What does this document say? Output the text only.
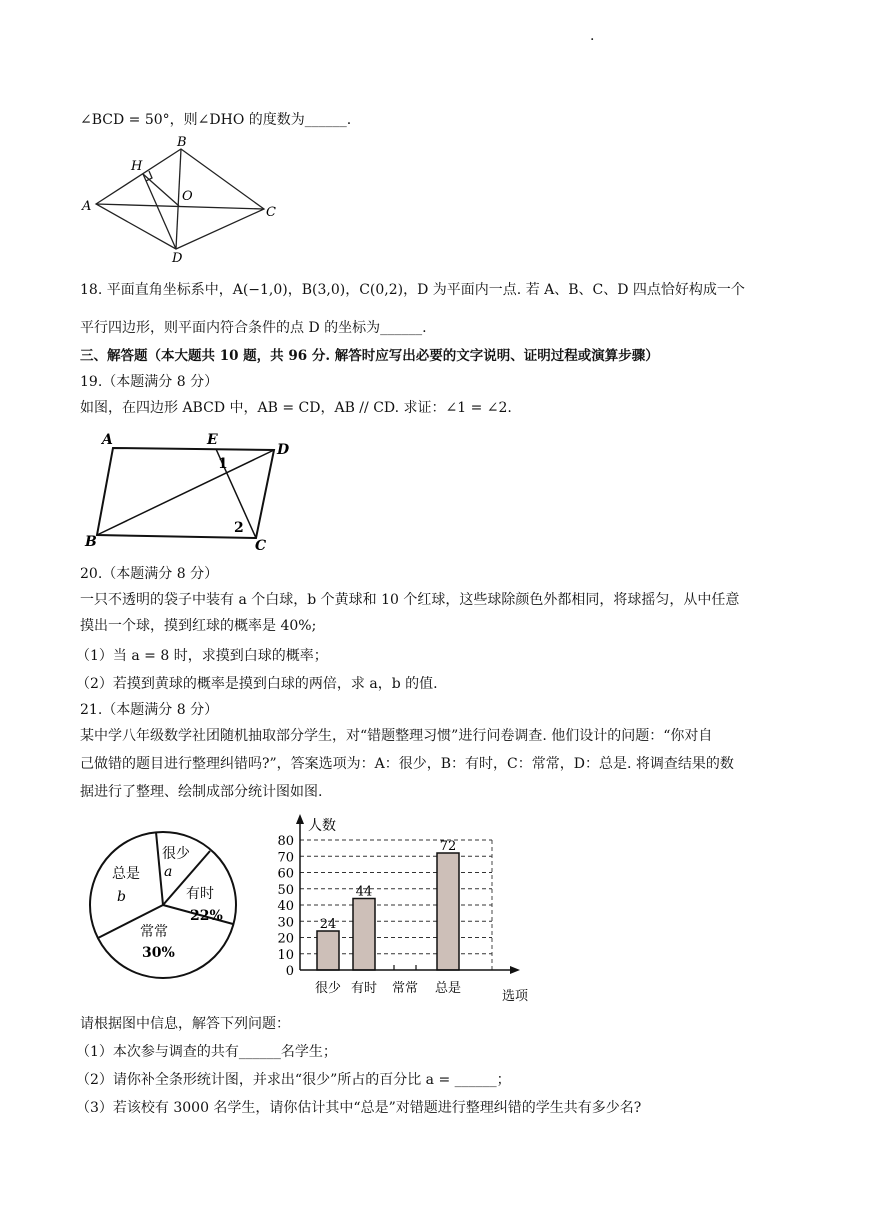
·
∠BCD = 50°，则∠DHO 的度数为______.
B
H
O
A	C
D
18. 平面直角坐标系中，A(−1,0)，B(3,0)，C(0,2)，D 为平面内一点. 若 A、B、C、D 四点恰好构成一个
平行四边形，则平面内符合条件的点 D 的坐标为______.
三、解答题（本大题共 10 题，共 96 分. 解答时应写出必要的文字说明、证明过程或演算步骤）
19.（本题满分 8 分）
如图，在四边形 ABCD 中，AB = CD，AB // CD. 求证：∠1 = ∠2.
A	E
D
1
2
B	C
20.（本题满分 8 分）
一只不透明的袋子中装有 a 个白球，b 个黄球和 10 个红球，这些球除颜色外都相同，将球摇匀，从中任意
摸出一个球，摸到红球的概率是 40%;
（1）当 a = 8 时，求摸到白球的概率；
（2）若摸到黄球的概率是摸到白球的两倍，求 a，b 的值.
21.（本题满分 8 分）
某中学八年级数学社团随机抽取部分学生，对“错题整理习惯”进行问卷调查. 他们设计的问题：“你对自
己做错的题目进行整理纠错吗?”，答案选项为：A：很少，B：有时，C：常常，D：总是. 将调查结果的数
据进行了整理、绘制成部分统计图如图.
很少
a
有时
22%
常常
30%
总是
b
0
10
20
30
40
50
60
70
80
24
44
72
很少 有时 常常 总是
人数
选项
请根据图中信息，解答下列问题：
（1）本次参与调查的共有______名学生；
（2）请你补全条形统计图，并求出“很少”所占的百分比 a = ______；
（3）若该校有 3000 名学生，请你估计其中“总是”对错题进行整理纠错的学生共有多少名?
